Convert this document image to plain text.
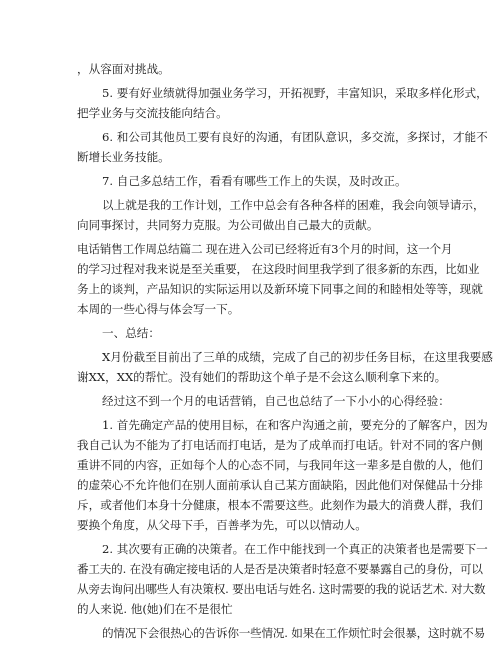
，从容面对挑战。
5. 要有好业绩就得加强业务学习，开拓视野，丰富知识，采取多样化形式，
把学业务与交流技能向结合。
6. 和公司其他员工要有良好的沟通，有团队意识，多交流，多探讨，才能不
断增长业务技能。
7. 自己多总结工作，看看有哪些工作上的失误，及时改正。
以上就是我的工作计划，工作中总会有各种各样的困难，我会向领导请示，
向同事探讨，共同努力克服。为公司做出自己最大的贡献。
电话销售工作周总结篇二 现在进入公司已经将近有3个月的时间，这一个月
的学习过程对我来说是至关重要， 在这段时间里我学到了很多新的东西，比如业
务上的谈判，产品知识的实际运用以及新环境下同事之间的和睦相处等等，现就
本周的一些心得与体会写一下。
一、总结：
X月份截至目前出了三单的成绩，完成了自己的初步任务目标，在这里我要感
谢XX，XX的帮忙。没有她们的帮助这个单子是不会这么顺利拿下来的。
经过这不到一个月的电话营销，自己也总结了一下小小的心得经验：
1. 首先确定产品的使用目标，在和客户沟通之前，要充分的了解客户，因为
我自己认为不能为了打电话而打电话，是为了成单而打电话。针对不同的客户侧
重讲不同的内容，正如每个人的心态不同，与我同年这一辈多是自傲的人，他们
的虚荣心不允许他们在别人面前承认自己某方面缺陷，因此他们对保健品十分排
斥，或者他们本身十分健康，根本不需要这些。此刻作为最大的消费人群，我们
要换个角度，从父母下手，百善孝为先，可以以情动人。
2. 其次要有正确的决策者。在工作中能找到一个真正的决策者也是需要下一
番工夫的. 在没有确定接电话的人是否是决策者时轻意不要暴露自己的身份，可以
从旁去询问出哪些人有决策权. 要出电话与姓名. 这时需要的我的说话艺术. 对大数
的人来说. 他(她)们在不是很忙
的情况下会很热心的告诉你一些情况. 如果在工作烦忙时会很暴，这时就不易
